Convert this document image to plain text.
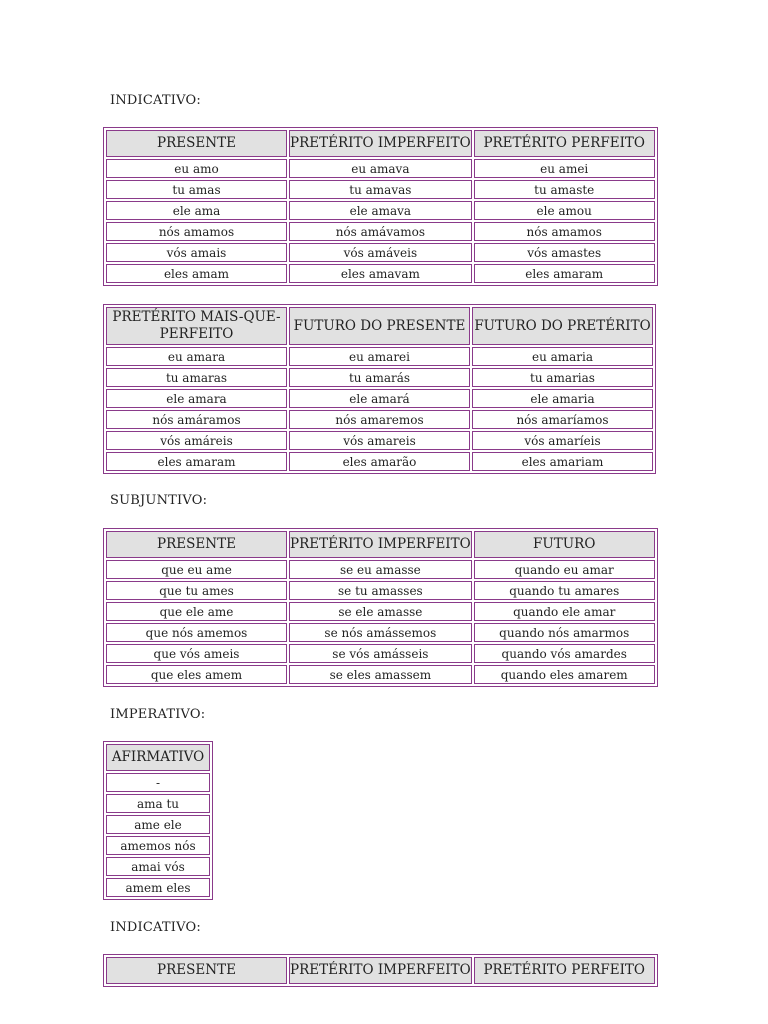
INDICATIVO:
PRESENTE	PRETÉRITO IMPERFEITO	PRETÉRITO PERFEITO
eu amo	eu amava	eu amei
tu amas	tu amavas	tu amaste
ele ama	ele amava	ele amou
nós amamos	nós amávamos	nós amamos
vós amais	vós amáveis	vós amastes
eles amam	eles amavam	eles amaram
PRETÉRITO MAIS-QUE-PERFEITO	FUTURO DO PRESENTE	FUTURO DO PRETÉRITO
eu amara	eu amarei	eu amaria
tu amaras	tu amarás	tu amarias
ele amara	ele amará	ele amaria
nós amáramos	nós amaremos	nós amaríamos
vós amáreis	vós amareis	vós amaríeis
eles amaram	eles amarão	eles amariam
SUBJUNTIVO:
PRESENTE	PRETÉRITO IMPERFEITO	FUTURO
que eu ame	se eu amasse	quando eu amar
que tu ames	se tu amasses	quando tu amares
que ele ame	se ele amasse	quando ele amar
que nós amemos	se nós amássemos	quando nós amarmos
que vós ameis	se vós amásseis	quando vós amardes
que eles amem	se eles amassem	quando eles amarem
IMPERATIVO:
AFIRMATIVO
-
ama tu
ame ele
amemos nós
amai vós
amem eles
INDICATIVO:
PRESENTE	PRETÉRITO IMPERFEITO	PRETÉRITO PERFEITO
